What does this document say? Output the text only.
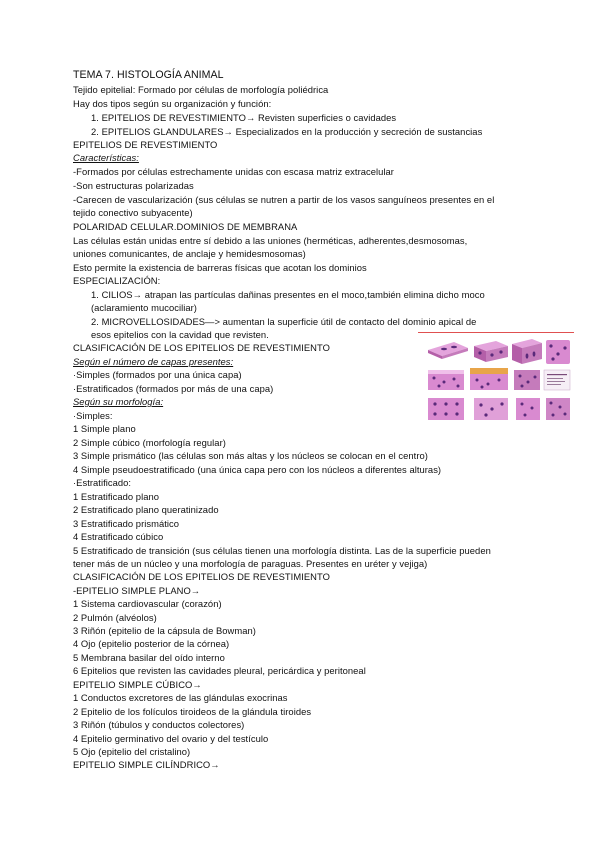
TEMA 7. HISTOLOGÍA ANIMAL
Tejido epitelial: Formado por células de morfología poliédrica
Hay dos tipos según su organización y función:
1. EPITELIOS DE REVESTIMIENTO→ Revisten superficies o cavidades
2. EPITELIOS GLANDULARES→ Especializados en la producción y secreción de sustancias
EPITELIOS DE REVESTIMIENTO
Características:
-Formados por células estrechamente unidas con escasa matriz extracelular
-Son estructuras polarizadas
-Carecen de vascularización (sus células se nutren a partir de los vasos sanguíneos presentes en el
tejido conectivo subyacente)
POLARIDAD CELULAR.DOMINIOS DE MEMBRANA
Las células están unidas entre sí debido a las uniones (herméticas, adherentes,desmosomas,
uniones comunicantes, de anclaje y hemidesmosomas)
Esto permite la existencia de barreras físicas que acotan los dominios
ESPECIALIZACIÓN:
1. CILIOS→ atrapan las partículas dañinas presentes en el moco,también elimina dicho moco
(aclaramiento mucociliar)
2. MICROVELLOSIDADES—> aumentan la superficie útil de contacto del dominio apical de
esos epitelios con la cavidad que revisten.
CLASIFICACIÓN DE LOS EPITELIOS DE REVESTIMIENTO
Según el número de capas presentes:
·Simples (formados por una única capa)
·Estratificados (formados por más de una capa)
Según su morfología:
·Simples:
1 Simple plano
2 Simple cúbico (morfología regular)
3 Simple prismático (las células son más altas y los núcleos se colocan en el centro)
4 Simple pseudoestratificado (una única capa pero con los núcleos a diferentes alturas)
·Estratificado:
1 Estratificado plano
2 Estratificado plano queratinizado
3 Estratificado prismático
4 Estratificado cúbico
5 Estratificado de transición (sus células tienen una morfología distinta. Las de la superficie pueden
tener más de un núcleo y una morfología de paraguas. Presentes en uréter y vejiga)
CLASIFICACIÓN DE LOS EPITELIOS DE REVESTIMIENTO
-EPITELIO SIMPLE PLANO→
1 Sistema cardiovascular (corazón)
2 Pulmón (alvéolos)
3 Riñón (epitelio de la cápsula de Bowman)
4 Ojo (epitelio posterior de la córnea)
5 Membrana basilar del oído interno
6 Epitelios que revisten las cavidades pleural, pericárdica y peritoneal
EPITELIO SIMPLE CÚBICO→
1 Conductos excretores de las glándulas exocrinas
2 Epitelio de los folículos tiroideos de la glándula tiroides
3 Riñón (túbulos y conductos colectores)
4 Epitelio germinativo del ovario y del testículo
5 Ojo (epitelio del cristalino)
EPITELIO SIMPLE CILÍNDRICO→
